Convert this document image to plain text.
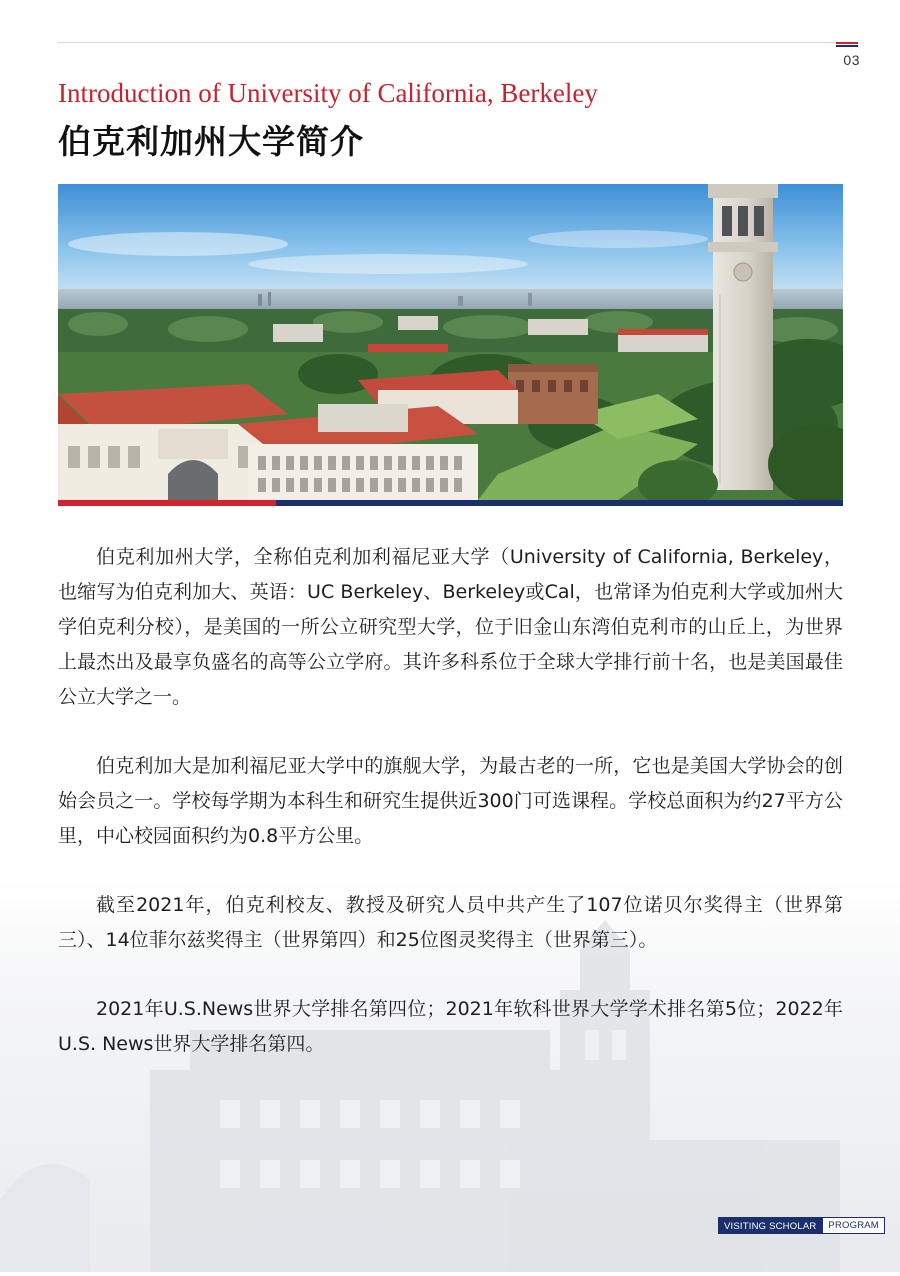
03
Introduction of University of California, Berkeley
伯克利加州大学简介

伯克利加州大学，全称伯克利加利福尼亚大学（University of California, Berkeley，也缩写为伯克利加大、英语：UC Berkeley、Berkeley或Cal，也常译为伯克利大学或加州大学伯克利分校），是美国的一所公立研究型大学，位于旧金山东湾伯克利市的山丘上，为世界上最杰出及最享负盛名的高等公立学府。其许多科系位于全球大学排行前十名，也是美国最佳公立大学之一。

伯克利加大是加利福尼亚大学中的旗舰大学，为最古老的一所，它也是美国大学协会的创始会员之一。学校每学期为本科生和研究生提供近300门可选课程。学校总面积为约27平方公里，中心校园面积约为0.8平方公里。

截至2021年，伯克利校友、教授及研究人员中共产生了107位诺贝尔奖得主（世界第三）、14位菲尔兹奖得主（世界第四）和25位图灵奖得主（世界第三）。

2021年U.S.News世界大学排名第四位；2021年软科世界大学学术排名第5位；2022年U.S. News世界大学排名第四。

VISITING SCHOLAR	PROGRAM
